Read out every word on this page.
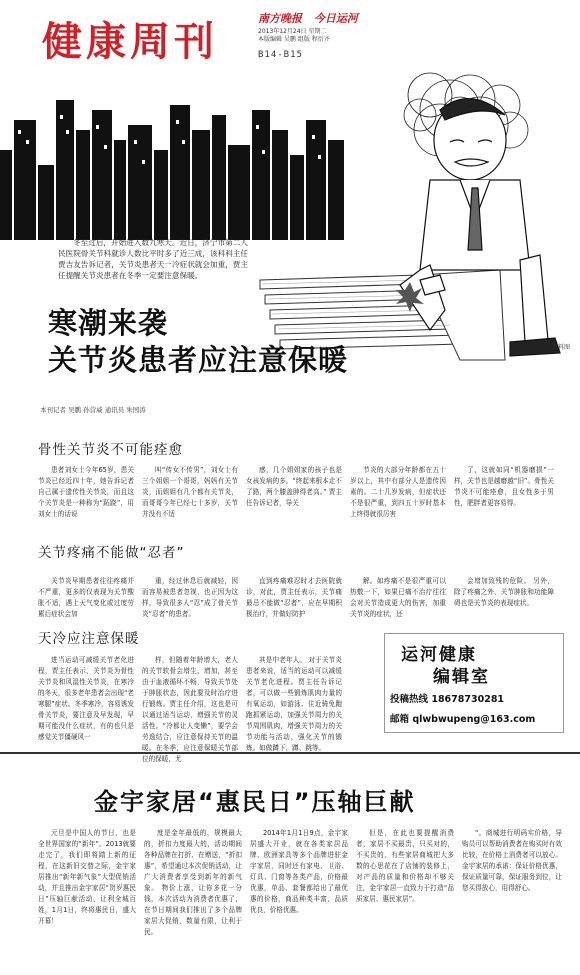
健康周刊	南方晚报 今日运河
2013年12月24日 星期二
本版编辑 吴鹏 组版 程衍齐
B14-B15
资料图
冬至过后，开始进入数九寒天。近日，济宁市第二人民医院骨关节科就诊人数比平时多了近三成，该科科主任贾吉友告诉记者，关节炎患者天一冷症状就会加重，贾主任提醒关节炎患者在冬季一定要注意保暖。
寒潮来袭
关节炎患者应注意保暖
本刊记者 吴鹏 孙营威 通讯员 朱国涛
骨性关节炎不可能痊愈

患者刘女士今年65岁，患关节炎已经近四十年，她告诉记者自己属于遗传性关节炎，而且这个关节炎是一种称为“跖跷”，用刘女士的话说

叫“传女不传男”，刘女士有三个姐姐一个哥哥，妈妈有关节炎，而姐姐有几个都有关节炎，而哥哥今年已经七十多岁，关节并没有不适

感，几个姐姐家的孩子也是女孩发病的多。“终起来根本走不了路，两个膝盖肿得老高。” 贾主任告诉记者，导关

节炎的大部分年龄都在五十岁以上，其中有部分人是遗传因素的。二十几岁发病，但症状还不是很严重，到四五十岁时基本上终得就很厉害

了，这就如同“机器磨损”一样，关节也是越磨越“旧”。骨性关节炎不可能痊愈，且女性多于男性，肥胖者更容易得。

关节疼痛不能做“忍者”

关节炎早期患者往往疼痛并不严重，更多的仅表现为关节酸胀不适，遇上天气变化或过度劳累后症状会加

重，经过休息后就减轻，因而容易被患者忽视，也正因为这样，导致很多人“忍”成了骨关节炎“忍者”的患者。

直到疼痛难忍时才去医院就诊，对此，贾主任表示，关节痛最忌不能做“忍者”，应在早期积极治疗，并做好防护

解。如疼痛不是很严重可以热敷一下，如果已痛不治疗往往会对关节造成更大的伤害，加重关节炎的症状，还

会增加致残的危险。 另外，除了疼痛之外，关节肿胀和功能障碍也是关节炎的表现症状。

天冷应注意保暖

进当运动可减缓关节老化进程，贾主任表示，关节炎为骨性关节炎和风湿性关节炎，在寒冷的冬天，很多老年患者会出现“老寒腿”症状。冬季寒冷，容易诱发骨关节炎，要注意及早发现，早期可能没什么症状，有的也只是感觉关节僵硬风一

样，但随着年龄增大，老人的关节软骨会增生、增加，甚至由于血液循环不畅，导致关节处于肿胀状态，因此要及时治疗进行锻炼。贾主任介绍，这也是可以通过适当运动，增强关节的灵活性。“冷都让人变懒”，要学会劳逸结合，应注意保持关节的温暖。在冬季，应注意保暖关节部位的保暖，尤

其是中老年人。 对于关节炎患者来说，适当的运动可以减缓关节老化进程。贾主任告诉记者，可以做一些锻炼肌肉力量的有氧运动，如游泳、住近骑免跑跑抓紧运动，加强关节周力的关节周围肌肉，增强关节周力的关节功能与活动，强化关节的锻炼。如做蹲下、蹲、跳等。

运河健康
编辑室
投稿热线 18678730281
邮箱 qlwbwupeng@163.com
金宇家居“惠民日”压轴巨献

元旦是中国人的节日，也是全世界国家的“新年”。2013就要走完了，我们即将踏上新的征程，在这新旧交替之际，金宇家居推出“新年新气象”大型促销活动，并且推出金宇家居“贺岁惠民日”压轴巨献活动，让利全城百姓，1月1日，终将惠民日，盛大开幕！

度是金年最低的，规模最大的，折扣力度最大的，活动期间各种品牌在打折、在赠送，“折扣惠”，希望通过本次促销活动，让广大消费者享受到新年的新气象。 物价上涨，让你多花一分钱，本次活动为消费者优惠了，在节日期间我们推出了多个品牌家居大促销，数量有限，让利于民。

2014年1月1日9点，金宇家居盛大开业，就在各类家居品牌、欧洲家具等多个品牌进驻金宇家居，同时还有家电、卫浴、灯具、门窗等各类产品，价格最优惠，单品、套餐都给出了最优惠的价格，商品种类丰富，品质优良，价格优惠。

但是，在此也要提醒消费者，家居不买最贵，只买对的，不买贵的，有些家居商城把大多数的心思花在了店铺的装修上，对产品的质量和价格却不够关注，金宇家居一直致力于打造“品质家居、惠民家居”。

“。商城进行明码实价格，导购员可以帮助消费者在购买时有效比较，在价格上消费者可以放心。金宇家居的承诺：保证价格优惠，保证质量可靠，保证服务到位，让您买得放心，用得舒心。
